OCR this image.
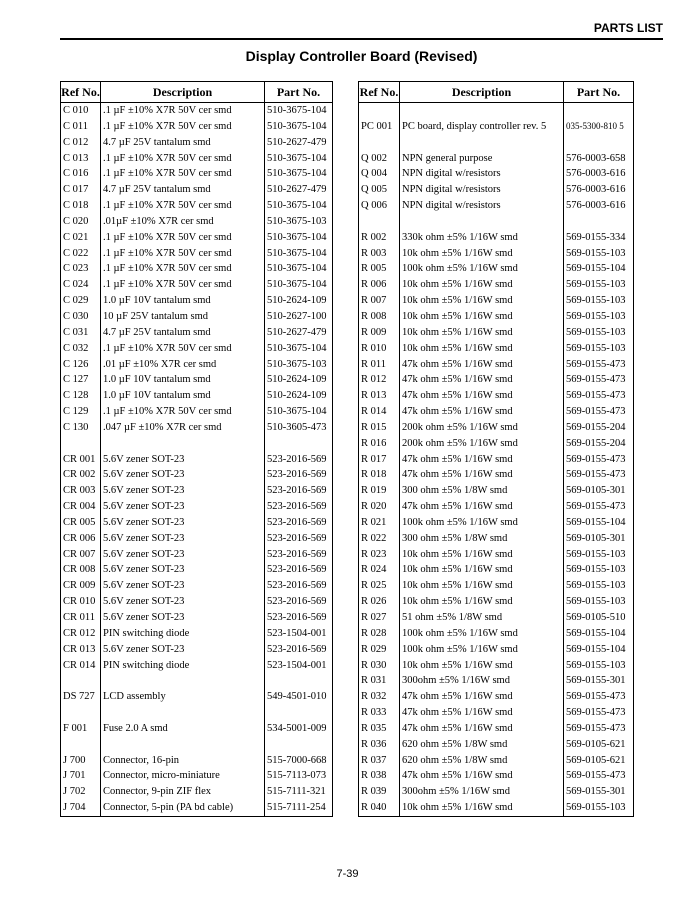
PARTS LIST
Display Controller Board (Revised)
Ref No.	Description	Part No.
C 010	.1 µF ±10% X7R 50V cer smd	510-3675-104
C 011	.1 µF ±10% X7R 50V cer smd	510-3675-104
C 012	4.7 µF 25V tantalum smd	510-2627-479
C 013	.1 µF ±10% X7R 50V cer smd	510-3675-104
C 016	.1 µF ±10% X7R 50V cer smd	510-3675-104
C 017	4.7 µF 25V tantalum smd	510-2627-479
C 018	.1 µF ±10% X7R 50V cer smd	510-3675-104
C 020	.01µF ±10% X7R cer smd	510-3675-103
C 021	.1 µF ±10% X7R 50V cer smd	510-3675-104
C 022	.1 µF ±10% X7R 50V cer smd	510-3675-104
C 023	.1 µF ±10% X7R 50V cer smd	510-3675-104
C 024	.1 µF ±10% X7R 50V cer smd	510-3675-104
C 029	1.0 µF 10V tantalum smd	510-2624-109
C 030	10 µF 25V tantalum smd	510-2627-100
C 031	4.7 µF 25V tantalum smd	510-2627-479
C 032	.1 µF ±10% X7R 50V cer smd	510-3675-104
C 126	.01 µF ±10% X7R cer smd	510-3675-103
C 127	1.0 µF 10V tantalum smd	510-2624-109
C 128	1.0 µF 10V tantalum smd	510-2624-109
C 129	.1 µF ±10% X7R 50V cer smd	510-3675-104
C 130	.047 µF ±10% X7R cer smd	510-3605-473

CR 001	5.6V zener SOT-23	523-2016-569
CR 002	5.6V zener SOT-23	523-2016-569
CR 003	5.6V zener SOT-23	523-2016-569
CR 004	5.6V zener SOT-23	523-2016-569
CR 005	5.6V zener SOT-23	523-2016-569
CR 006	5.6V zener SOT-23	523-2016-569
CR 007	5.6V zener SOT-23	523-2016-569
CR 008	5.6V zener SOT-23	523-2016-569
CR 009	5.6V zener SOT-23	523-2016-569
CR 010	5.6V zener SOT-23	523-2016-569
CR 011	5.6V zener SOT-23	523-2016-569
CR 012	PIN switching diode	523-1504-001
CR 013	5.6V zener SOT-23	523-2016-569
CR 014	PIN switching diode	523-1504-001

DS 727	LCD assembly	549-4501-010

F 001	Fuse 2.0 A smd	534-5001-009

J 700	Connector, 16-pin	515-7000-668
J 701	Connector, micro-miniature	515-7113-073
J 702	Connector, 9-pin ZIF flex	515-7111-321
J 704	Connector, 5-pin (PA bd cable)	515-7111-254
Ref No.	Description	Part No.

PC 001	PC board, display controller rev. 5	035-5300-810 5

Q 002	NPN general purpose	576-0003-658
Q 004	NPN digital w/resistors	576-0003-616
Q 005	NPN digital w/resistors	576-0003-616
Q 006	NPN digital w/resistors	576-0003-616

R 002	330k ohm ±5% 1/16W smd	569-0155-334
R 003	10k ohm ±5% 1/16W smd	569-0155-103
R 005	100k ohm ±5% 1/16W smd	569-0155-104
R 006	10k ohm ±5% 1/16W smd	569-0155-103
R 007	10k ohm ±5% 1/16W smd	569-0155-103
R 008	10k ohm ±5% 1/16W smd	569-0155-103
R 009	10k ohm ±5% 1/16W smd	569-0155-103
R 010	10k ohm ±5% 1/16W smd	569-0155-103
R 011	47k ohm ±5% 1/16W smd	569-0155-473
R 012	47k ohm ±5% 1/16W smd	569-0155-473
R 013	47k ohm ±5% 1/16W smd	569-0155-473
R 014	47k ohm ±5% 1/16W smd	569-0155-473
R 015	200k ohm ±5% 1/16W smd	569-0155-204
R 016	200k ohm ±5% 1/16W smd	569-0155-204
R 017	47k ohm ±5% 1/16W smd	569-0155-473
R 018	47k ohm ±5% 1/16W smd	569-0155-473
R 019	300 ohm ±5% 1/8W smd	569-0105-301
R 020	47k ohm ±5% 1/16W smd	569-0155-473
R 021	100k ohm ±5% 1/16W smd	569-0155-104
R 022	300 ohm ±5% 1/8W smd	569-0105-301
R 023	10k ohm ±5% 1/16W smd	569-0155-103
R 024	10k ohm ±5% 1/16W smd	569-0155-103
R 025	10k ohm ±5% 1/16W smd	569-0155-103
R 026	10k ohm ±5% 1/16W smd	569-0155-103
R 027	51 ohm ±5% 1/8W smd	569-0105-510
R 028	100k ohm ±5% 1/16W smd	569-0155-104
R 029	100k ohm ±5% 1/16W smd	569-0155-104
R 030	10k ohm ±5% 1/16W smd	569-0155-103
R 031	300ohm ±5% 1/16W smd	569-0155-301
R 032	47k ohm ±5% 1/16W smd	569-0155-473
R 033	47k ohm ±5% 1/16W smd	569-0155-473
R 035	47k ohm ±5% 1/16W smd	569-0155-473
R 036	620 ohm ±5% 1/8W smd	569-0105-621
R 037	620 ohm ±5% 1/8W smd	569-0105-621
R 038	47k ohm ±5% 1/16W smd	569-0155-473
R 039	300ohm ±5% 1/16W smd	569-0155-301
R 040	10k ohm ±5% 1/16W smd	569-0155-103
7-39
